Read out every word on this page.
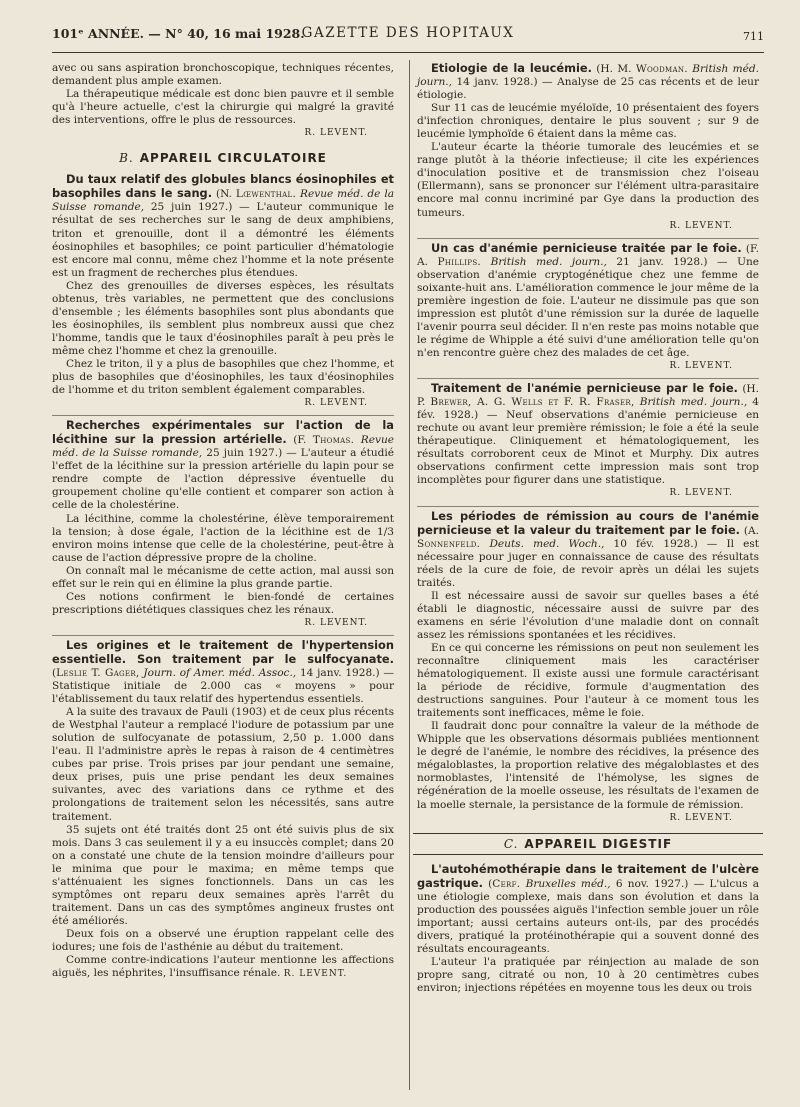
101ᵉ ANNÉE. — N° 40, 16 mai 1928.
GAZETTE DES HOPITAUX	711

avec ou sans aspiration bronchoscopique, techniques récentes, demandent plus ample examen.

La thérapeutique médicale est donc bien pauvre et il semble qu'à l'heure actuelle, c'est la chirurgie qui malgré la gravité des interventions, offre le plus de ressources.

R. LEVENT.

B. APPAREIL CIRCULATOIRE

Du taux relatif des globules blancs éosinophiles et basophiles dans le sang. (N. Lœwenthal. Revue méd. de la Suisse romande, 25 juin 1927.) — L'auteur communique le résultat de ses recherches sur le sang de deux amphibiens, triton et grenouille, dont il a démontré les éléments éosinophiles et basophiles; ce point particulier d'hématologie est encore mal connu, même chez l'homme et la note présente est un fragment de recherches plus étendues.

Chez des grenouilles de diverses espèces, les résultats obtenus, très variables, ne permettent que des conclusions d'ensemble ; les éléments basophiles sont plus abondants que les éosinophiles, ils semblent plus nombreux aussi que chez l'homme, tandis que le taux d'éosinophiles paraît à peu près le même chez l'homme et chez la grenouille.

Chez le triton, il y a plus de basophiles que chez l'homme, et plus de basophiles que d'éosinophiles, les taux d'éosinophiles de l'homme et du triton semblent également comparables.

R. LEVENT.

Recherches expérimentales sur l'action de la lécithine sur la pression artérielle. (F. Thomas. Revue méd. de la Suisse romande, 25 juin 1927.) — L'auteur a étudié l'effet de la lécithine sur la pression artérielle du lapin pour se rendre compte de l'action dépressive éventuelle du groupement choline qu'elle contient et comparer son action à celle de la cholestérine.

La lécithine, comme la cholestérine, élève temporairement la tension; à dose égale, l'action de la lécithine est de 1/3 environ moins intense que celle de la cholestérine, peut-être à cause de l'action dépressive propre de la choline.

On connaît mal le mécanisme de cette action, mal aussi son effet sur le rein qui en élimine la plus grande partie.

Ces notions confirment le bien-fondé de certaines prescriptions diététiques classiques chez les rénaux.

R. LEVENT.

Les origines et le traitement de l'hypertension essentielle. Son traitement par le sulfocyanate. (Leslie T. Gager, Journ. of Amer. méd. Assoc., 14 janv. 1928.) — Statistique initiale de 2.000 cas « moyens » pour l'établissement du taux relatif des hypertendus essentiels.

A la suite des travaux de Pauli (1903) et de ceux plus récents de Westphal l'auteur a remplacé l'iodure de potassium par une solution de sulfocyanate de potassium, 2,50 p. 1.000 dans l'eau. Il l'administre après le repas à raison de 4 centimètres cubes par prise. Trois prises par jour pendant une semaine, deux prises, puis une prise pendant les deux semaines suivantes, avec des variations dans ce rythme et des prolongations de traitement selon les nécessités, sans autre traitement.

35 sujets ont été traités dont 25 ont été suivis plus de six mois. Dans 3 cas seulement il y a eu insuccès complet; dans 20 on a constaté une chute de la tension moindre d'ailleurs pour le minima que pour le maxima; en même temps que s'atténuaient les signes fonctionnels. Dans un cas les symptômes ont reparu deux semaines après l'arrêt du traitement. Dans un cas des symptômes angineux frustes ont été améliorés.

Deux fois on a observé une éruption rappelant celle des iodures; une fois de l'asthénie au début du traitement.

Comme contre-indications l'auteur mentionne les affections aiguës, les néphrites, l'insuffisance rénale. R. LEVENT.

Etiologie de la leucémie. (H. M. Woodman. British méd. journ., 14 janv. 1928.) — Analyse de 25 cas récents et de leur étiologie.

Sur 11 cas de leucémie myéloïde, 10 présentaient des foyers d'infection chroniques, dentaire le plus souvent ; sur 9 de leucémie lymphoïde 6 étaient dans la même cas.

L'auteur écarte la théorie tumorale des leucémies et se range plutôt à la théorie infectieuse; il cite les expériences d'inoculation positive et de transmission chez l'oiseau (Ellermann), sans se prononcer sur l'élément ultra-parasitaire encore mal connu incriminé par Gye dans la production des tumeurs.

R. LEVENT.

Un cas d'anémie pernicieuse traitée par le foie. (F. A. Phillips. British med. journ., 21 janv. 1928.) — Une observation d'anémie cryptogénétique chez une femme de soixante-huit ans. L'amélioration commence le jour même de la première ingestion de foie. L'auteur ne dissimule pas que son impression est plutôt d'une rémission sur la durée de laquelle l'avenir pourra seul décider. Il n'en reste pas moins notable que le régime de Whipple a été suivi d'une amélioration telle qu'on n'en rencontre guère chez des malades de cet âge.

R. LEVENT.

Traitement de l'anémie pernicieuse par le foie. (H. P. Brewer, A. G. Wells et F. R. Fraser, British med. journ., 4 fév. 1928.) — Neuf observations d'anémie pernicieuse en rechute ou avant leur première rémission; le foie a été la seule thérapeutique. Cliniquement et hématologiquement, les résultats corroborent ceux de Minot et Murphy. Dix autres observations confirment cette impression mais sont trop incomplètes pour figurer dans une statistique.

R. LEVENT.

Les périodes de rémission au cours de l'anémie pernicieuse et la valeur du traitement par le foie. (A. Sonnenfeld. Deuts. med. Woch., 10 fév. 1928.) — Il est nécessaire pour juger en connaissance de cause des résultats réels de la cure de foie, de revoir après un délai les sujets traités.

Il est nécessaire aussi de savoir sur quelles bases a été établi le diagnostic, nécessaire aussi de suivre par des examens en série l'évolution d'une maladie dont on connaît assez les rémissions spontanées et les récidives.

En ce qui concerne les rémissions on peut non seulement les reconnaître cliniquement mais les caractériser hématologiquement. Il existe aussi une formule caractérisant la période de récidive, formule d'augmentation des destructions sanguines. Pour l'auteur à ce moment tous les traitements sont inefficaces, même le foie.

Il faudrait donc pour connaître la valeur de la méthode de Whipple que les observations désormais publiées mentionnent le degré de l'anémie, le nombre des récidives, la présence des mégaloblastes, la proportion relative des mégaloblastes et des normoblastes, l'intensité de l'hémolyse, les signes de régénération de la moelle osseuse, les résultats de l'examen de la moelle sternale, la persistance de la formule de rémission.

R. LEVENT.

C. APPAREIL DIGESTIF

L'autohémothérapie dans le traitement de l'ulcère gastrique. (Cerf. Bruxelles méd., 6 nov. 1927.) — L'ulcus a une étiologie complexe, mais dans son évolution et dans la production des poussées aiguës l'infection semble jouer un rôle important; aussi certains auteurs ont-ils, par des procédés divers, pratiqué la protéinothérapie qui a souvent donné des résultats encourageants.

L'auteur l'a pratiquée par réinjection au malade de son propre sang, citraté ou non, 10 à 20 centimètres cubes environ; injections répétées en moyenne tous les deux ou trois
